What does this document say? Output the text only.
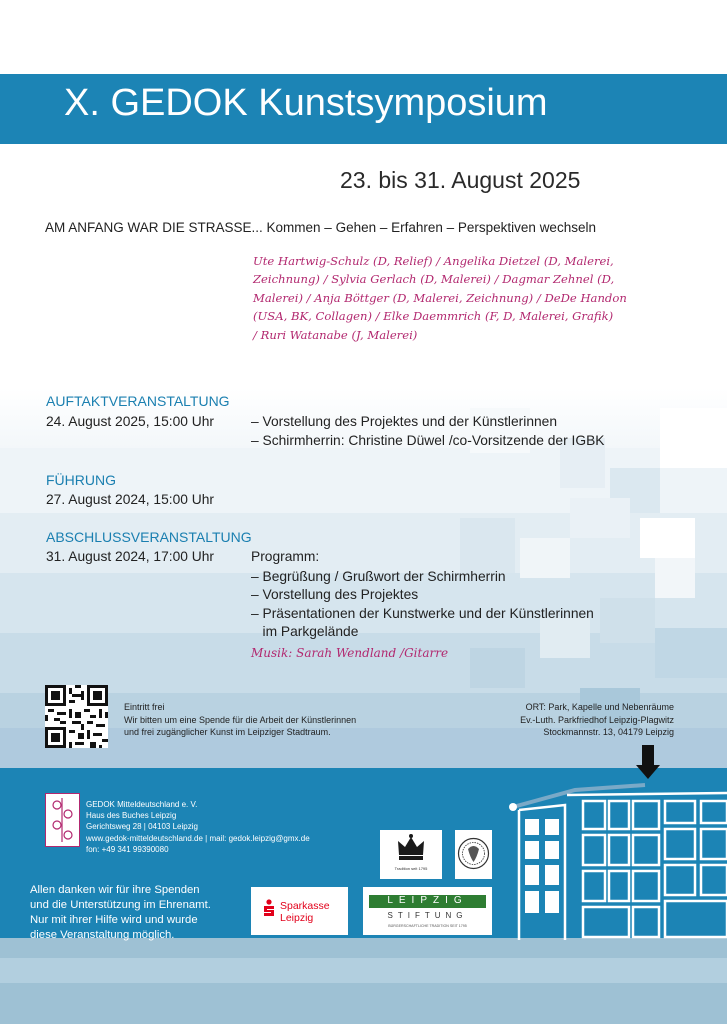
X. GEDOK Kunstsymposium
23. bis 31. August 2025
AM ANFANG WAR DIE STRASSE... Kommen – Gehen – Erfahren – Perspektiven wechseln
Ute Hartwig-Schulz (D, Relief) / Angelika Dietzel (D, Malerei,
Zeichnung) / Sylvia Gerlach (D, Malerei) / Dagmar Zehnel (D,
Malerei) / Anja Böttger (D, Malerei, Zeichnung) / DeDe Handon
(USA, BK, Collagen) / Elke Daemmrich (F, D, Malerei, Grafik)
/ Ruri Watanabe (J, Malerei)
AUFTAKTVERANSTALTUNG
24. August 2025, 15:00 Uhr	– Vorstellung des Projektes und der Künstlerinnen
– Schirmherrin: Christine Düwel /co-Vorsitzende der IGBK
FÜHRUNG
27. August 2024, 15:00 Uhr
ABSCHLUSSVERANSTALTUNG
31. August 2024, 17:00 Uhr	Programm:
– Begrüßung / Grußwort der Schirmherrin
– Vorstellung des Projektes
– Präsentationen der Kunstwerke und der Künstlerinnen
im Parkgelände
Musik: Sarah Wendland /Gitarre
Eintritt frei
Wir bitten um eine Spende für die Arbeit der Künstlerinnen
und frei zugänglicher Kunst im Leipziger Stadtraum.
ORT: Park, Kapelle und Nebenräume
Ev.-Luth. Parkfriedhof Leipzig-Plagwitz
Stockmannstr. 13, 04179 Leipzig
GEDOK Mitteldeutschland e. V.
Haus des Buches Leipzig
Gerichtsweg 28 | 04103 Leipzig
www.gedok-mitteldeutschland.de | mail: gedok.leipzig@gmx.de
fon: +49 341 99390080
Allen danken wir für ihre Spenden
und die Unterstützung im Ehrenamt.
Nur mit ihrer Hilfe wird und wurde
diese Veranstaltung möglich.
Sparkasse
Leipzig
Tradition seit 1795
LEIPZIG
STIFTUNG
BÜRGERSCHAFTLICHE TRADITION SEIT 1795
